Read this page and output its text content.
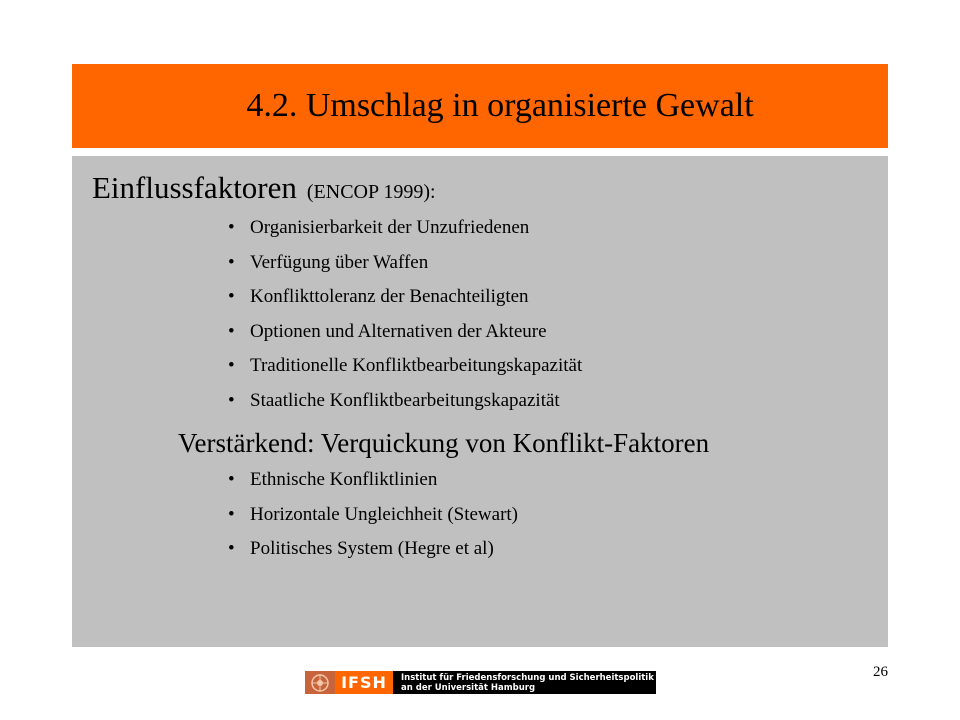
4.2. Umschlag in organisierte Gewalt
Einflussfaktoren (ENCOP 1999):
• Organisierbarkeit der Unzufriedenen
• Verfügung über Waffen
• Konflikttoleranz der Benachteiligten
• Optionen und Alternativen der Akteure
• Traditionelle Konfliktbearbeitungskapazität
• Staatliche Konfliktbearbeitungskapazität
Verstärkend: Verquickung von Konflikt-Faktoren
• Ethnische Konfliktlinien
• Horizontale Ungleichheit (Stewart)
• Politisches System (Hegre et al)
26
IFSH	Institut für Friedensforschung und Sicherheitspolitik
an der Universität Hamburg
